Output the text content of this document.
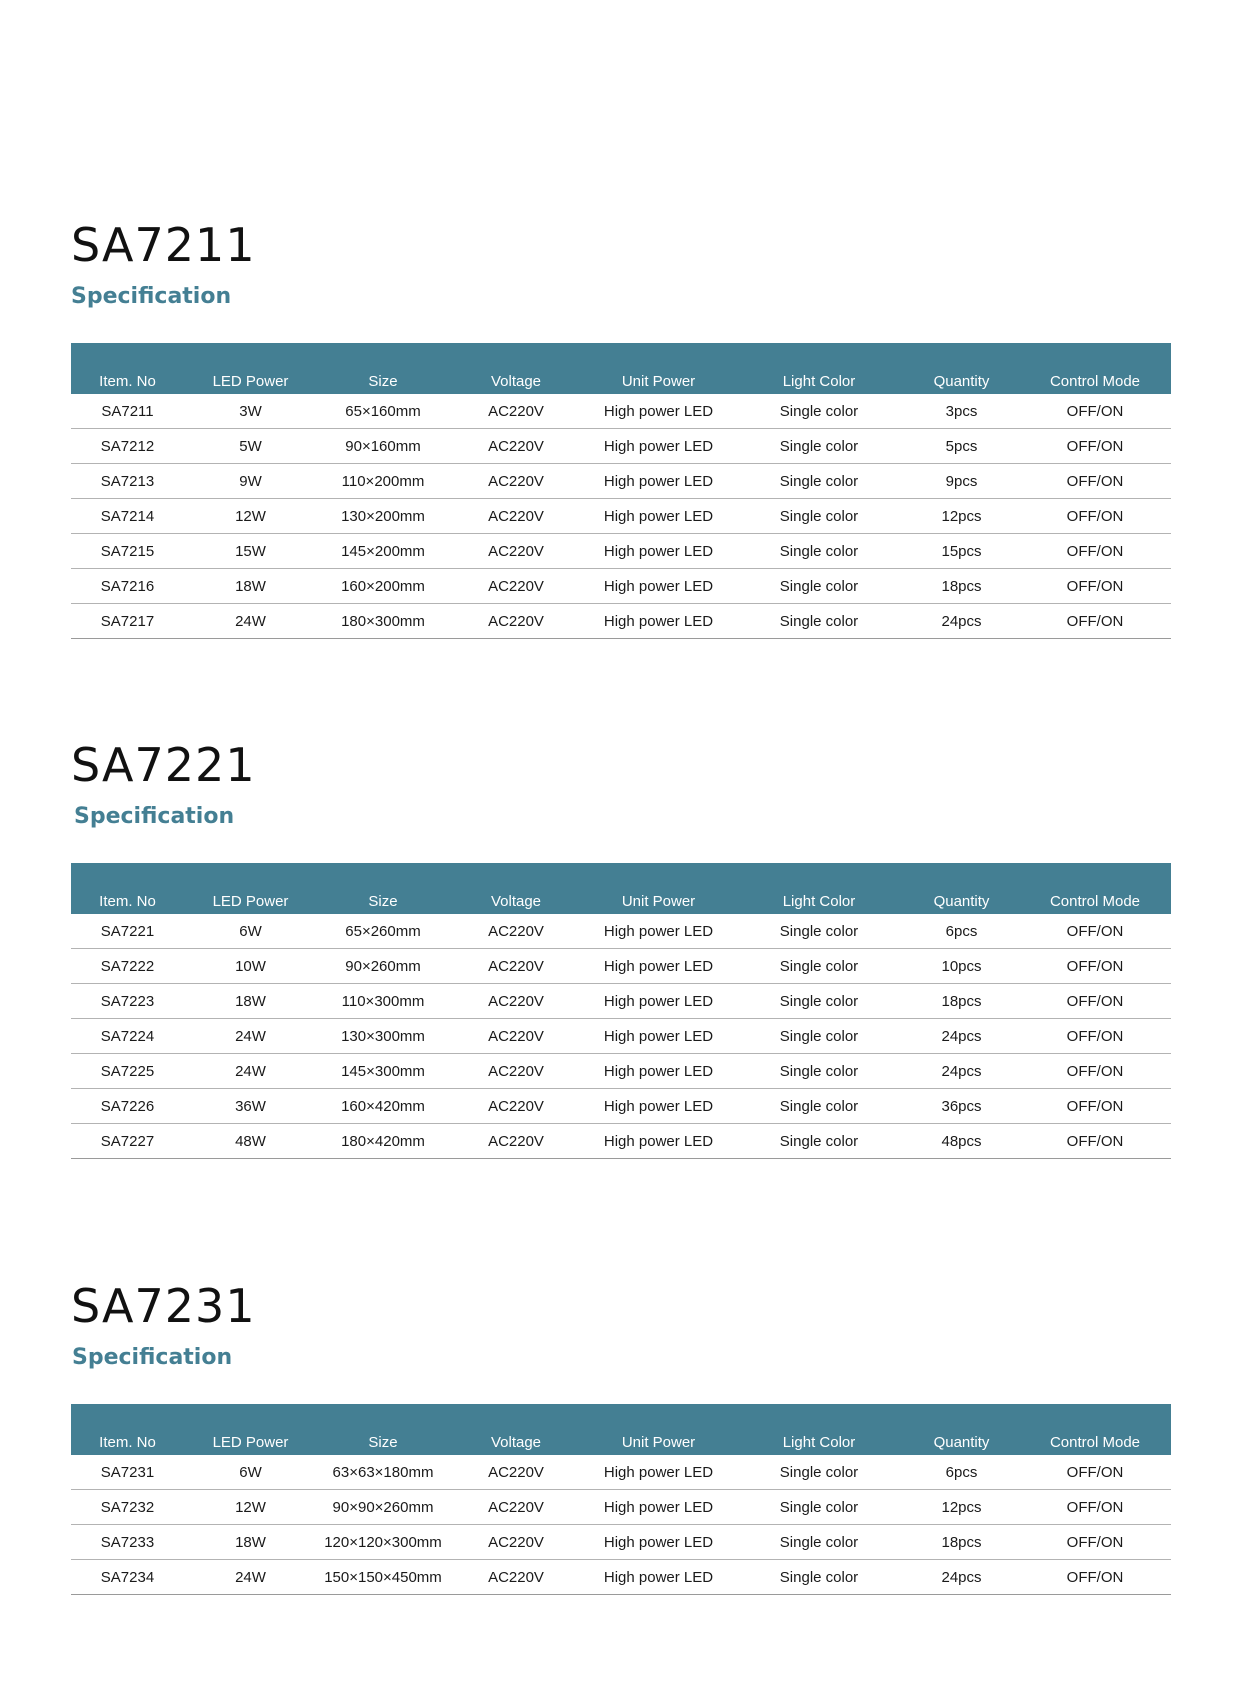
SA7211
Specification
Item. No	LED Power	Size	Voltage	Unit Power	Light Color	Quantity	Control Mode
SA7211	3W	65×160mm	AC220V	High power LED	Single color	3pcs	OFF/ON
SA7212	5W	90×160mm	AC220V	High power LED	Single color	5pcs	OFF/ON
SA7213	9W	110×200mm	AC220V	High power LED	Single color	9pcs	OFF/ON
SA7214	12W	130×200mm	AC220V	High power LED	Single color	12pcs	OFF/ON
SA7215	15W	145×200mm	AC220V	High power LED	Single color	15pcs	OFF/ON
SA7216	18W	160×200mm	AC220V	High power LED	Single color	18pcs	OFF/ON
SA7217	24W	180×300mm	AC220V	High power LED	Single color	24pcs	OFF/ON
SA7221
Specification
Item. No	LED Power	Size	Voltage	Unit Power	Light Color	Quantity	Control Mode
SA7221	6W	65×260mm	AC220V	High power LED	Single color	6pcs	OFF/ON
SA7222	10W	90×260mm	AC220V	High power LED	Single color	10pcs	OFF/ON
SA7223	18W	110×300mm	AC220V	High power LED	Single color	18pcs	OFF/ON
SA7224	24W	130×300mm	AC220V	High power LED	Single color	24pcs	OFF/ON
SA7225	24W	145×300mm	AC220V	High power LED	Single color	24pcs	OFF/ON
SA7226	36W	160×420mm	AC220V	High power LED	Single color	36pcs	OFF/ON
SA7227	48W	180×420mm	AC220V	High power LED	Single color	48pcs	OFF/ON
SA7231
Specification
Item. No	LED Power	Size	Voltage	Unit Power	Light Color	Quantity	Control Mode
SA7231	6W	63×63×180mm	AC220V	High power LED	Single color	6pcs	OFF/ON
SA7232	12W	90×90×260mm	AC220V	High power LED	Single color	12pcs	OFF/ON
SA7233	18W	120×120×300mm	AC220V	High power LED	Single color	18pcs	OFF/ON
SA7234	24W	150×150×450mm	AC220V	High power LED	Single color	24pcs	OFF/ON
